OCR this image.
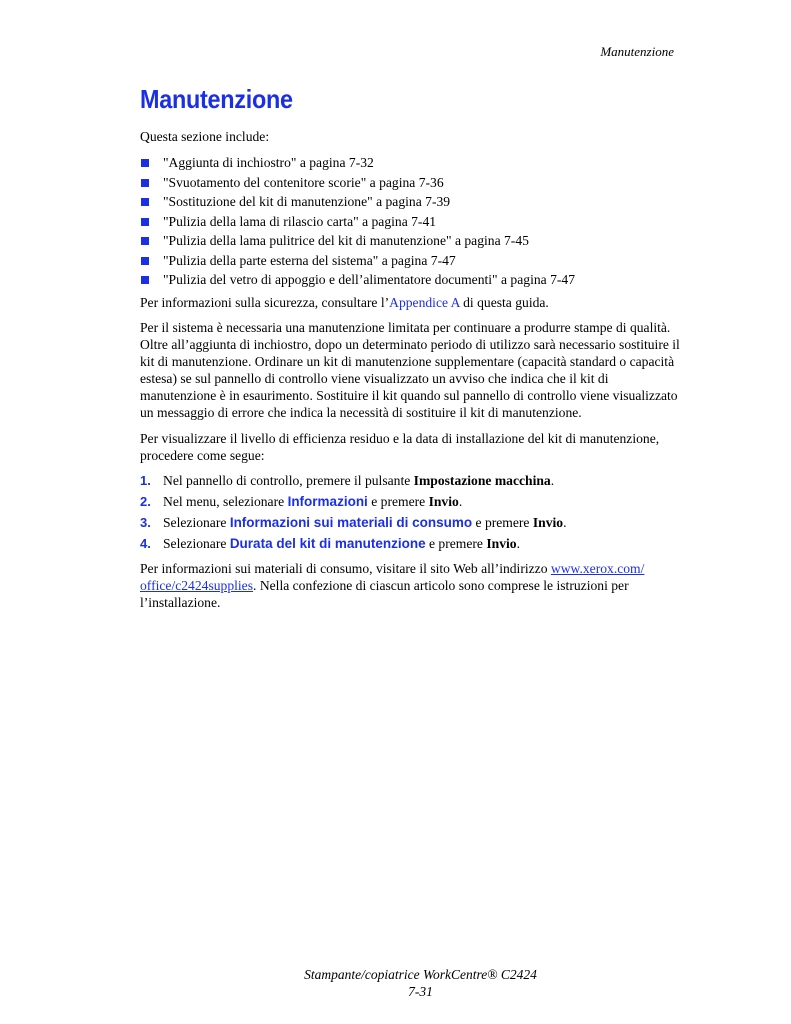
Manutenzione
Manutenzione

Questa sezione include:

"Aggiunta di inchiostro" a pagina 7-32
"Svuotamento del contenitore scorie" a pagina 7-36
"Sostituzione del kit di manutenzione" a pagina 7-39
"Pulizia della lama di rilascio carta" a pagina 7-41
"Pulizia della lama pulitrice del kit di manutenzione" a pagina 7-45
"Pulizia della parte esterna del sistema" a pagina 7-47
"Pulizia del vetro di appoggio e dell’alimentatore documenti" a pagina 7-47

Per informazioni sulla sicurezza, consultare l’Appendice A di questa guida.

Per il sistema è necessaria una manutenzione limitata per continuare a produrre stampe di qualità. Oltre all’aggiunta di inchiostro, dopo un determinato periodo di utilizzo sarà necessario sostituire il kit di manutenzione. Ordinare un kit di manutenzione supplementare (capacità standard o capacità estesa) se sul pannello di controllo viene visualizzato un avviso che indica che il kit di manutenzione è in esaurimento. Sostituire il kit quando sul pannello di controllo viene visualizzato un messaggio di errore che indica la necessità di sostituire il kit di manutenzione.

Per visualizzare il livello di efficienza residuo e la data di installazione del kit di manutenzione, procedere come segue:

1. Nel pannello di controllo, premere il pulsante Impostazione macchina.
2. Nel menu, selezionare Informazioni e premere Invio.
3. Selezionare Informazioni sui materiali di consumo e premere Invio.
4. Selezionare Durata del kit di manutenzione e premere Invio.

Per informazioni sui materiali di consumo, visitare il sito Web all’indirizzo www.xerox.com/
office/c2424supplies. Nella confezione di ciascun articolo sono comprese le istruzioni per l’installazione.

Stampante/copiatrice WorkCentre® C2424
7-31
